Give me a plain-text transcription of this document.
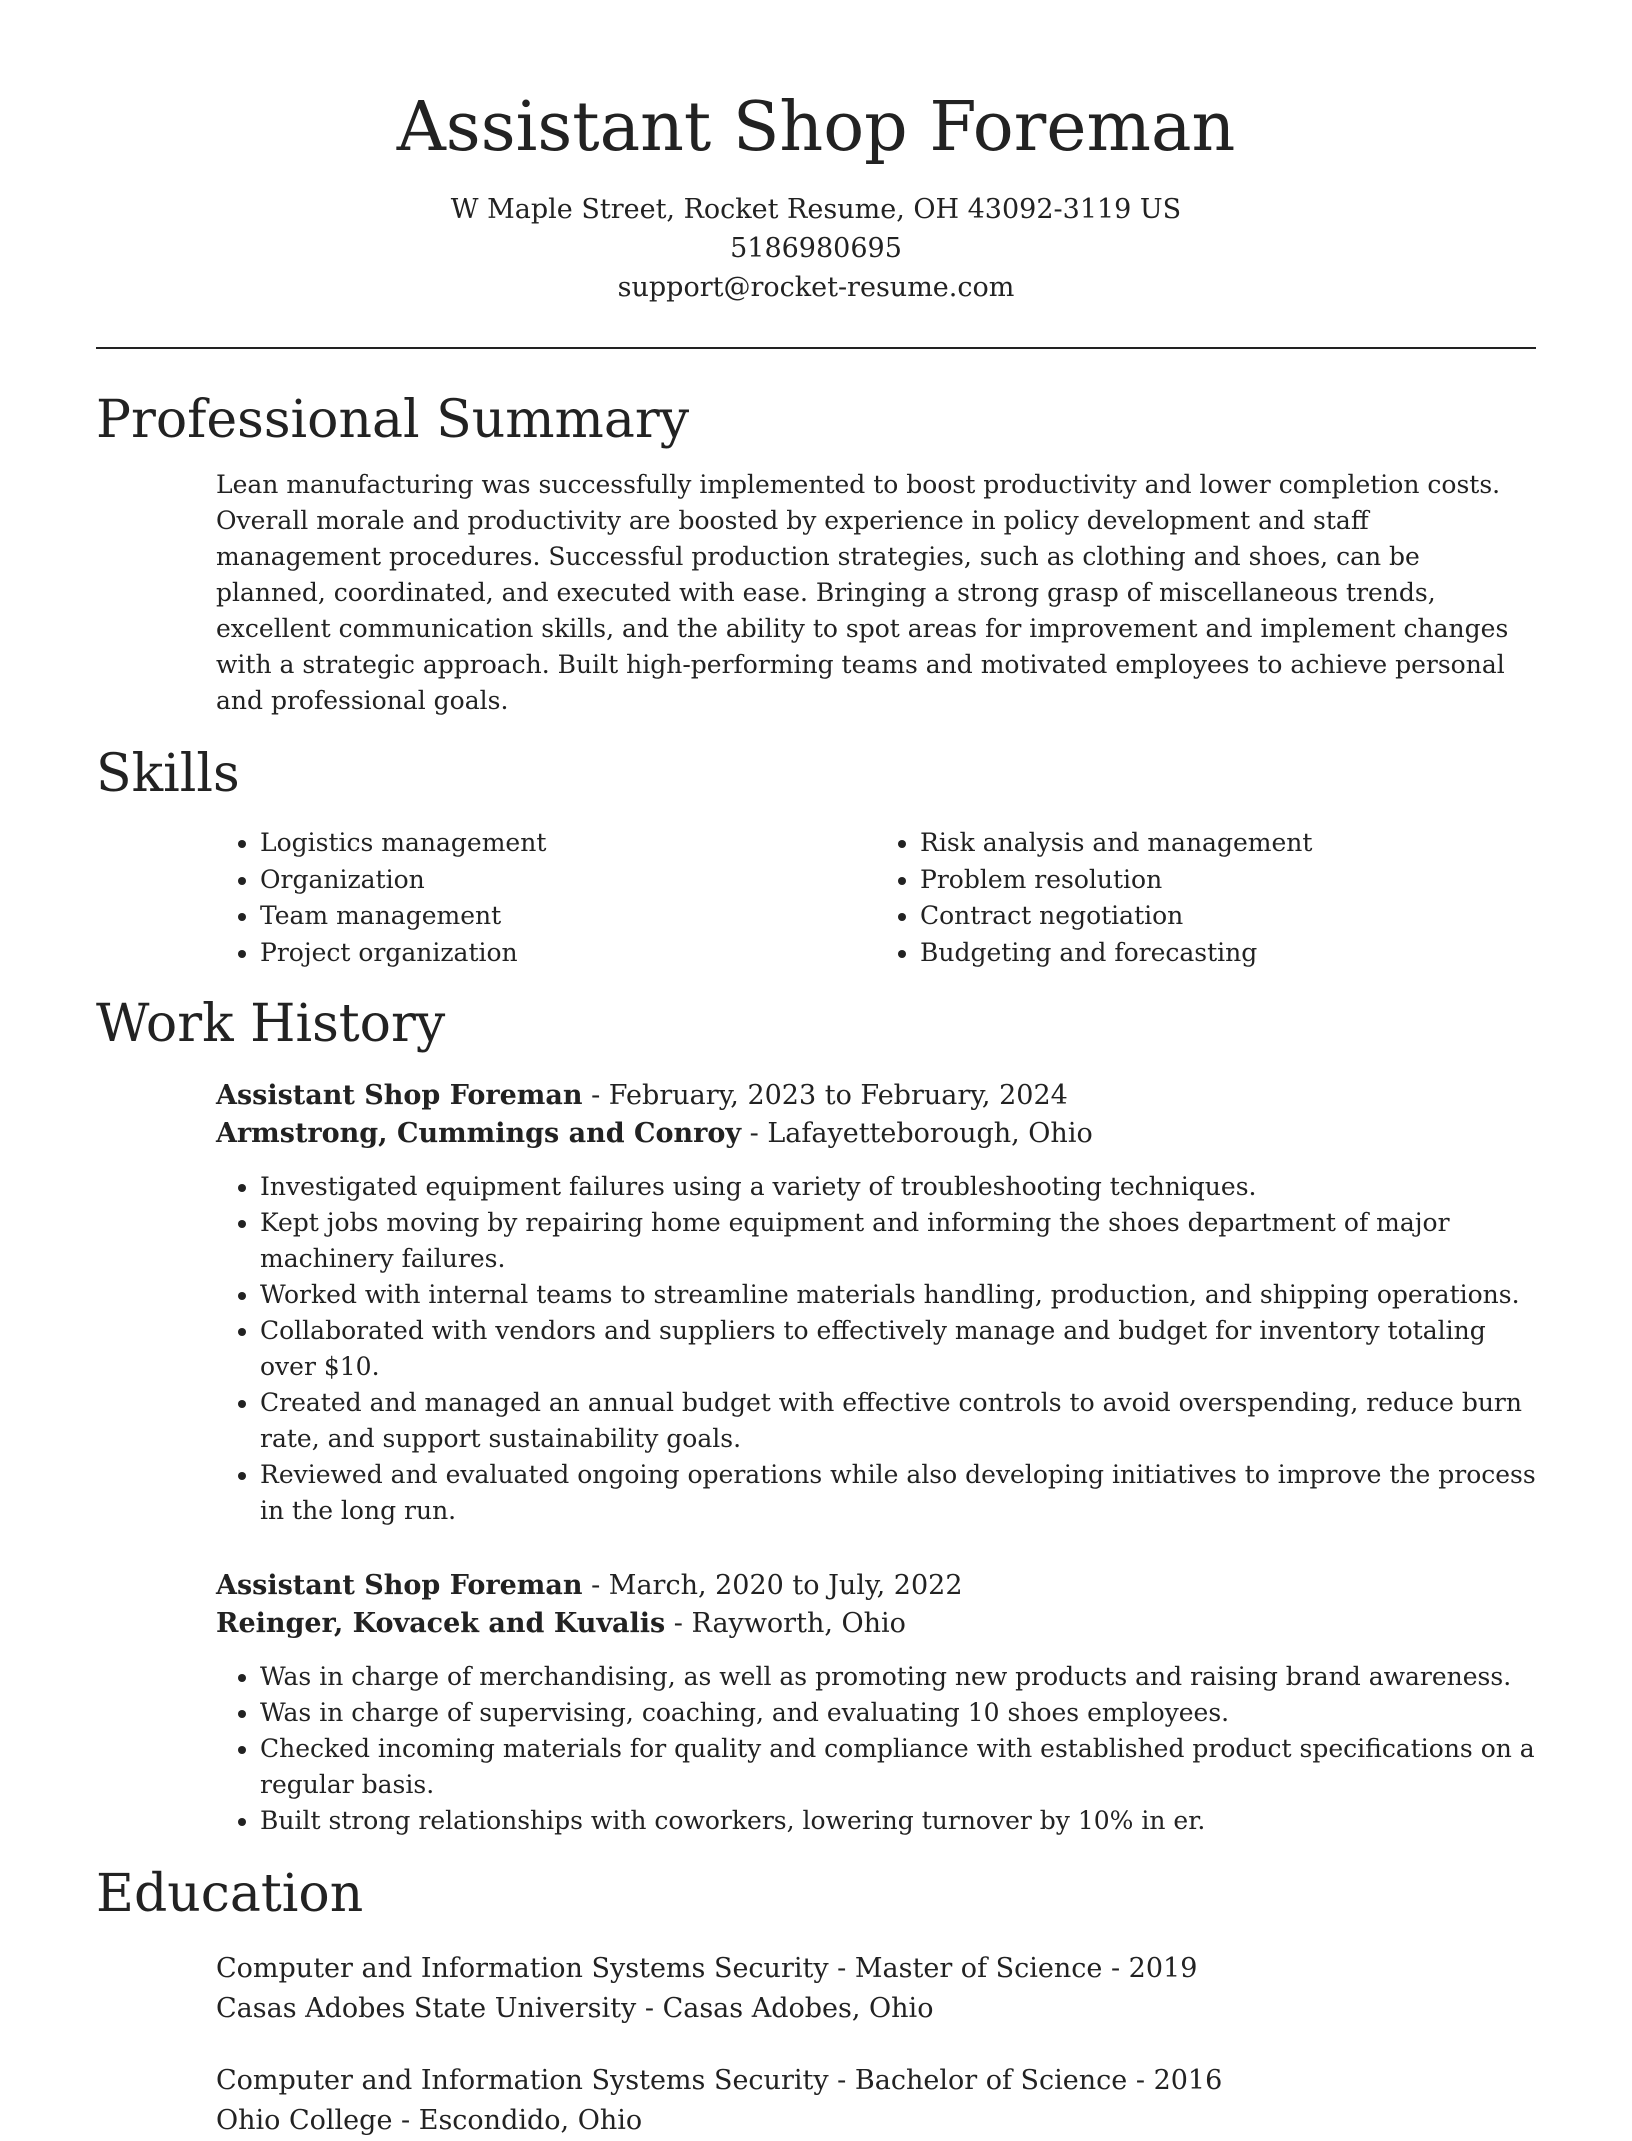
Assistant Shop Foreman
W Maple Street, Rocket Resume, OH 43092-3119 US
5186980695
support@rocket-resume.com
Professional Summary

Lean manufacturing was successfully implemented to boost productivity and lower completion costs. Overall morale and productivity are boosted by experience in policy development and staff management procedures. Successful production strategies, such as clothing and shoes, can be planned, coordinated, and executed with ease. Bringing a strong grasp of miscellaneous trends, excellent communication skills, and the ability to spot areas for improvement and implement changes with a strategic approach. Built high-performing teams and motivated employees to achieve personal and professional goals.

Skills
• Logistics management
• Organization
• Team management
• Project organization
• Risk analysis and management
• Problem resolution
• Contract negotiation
• Budgeting and forecasting
Work History
Assistant Shop Foreman - February, 2023 to February, 2024
Armstrong, Cummings and Conroy - Lafayetteborough, Ohio
• Investigated equipment failures using a variety of troubleshooting techniques.
• Kept jobs moving by repairing home equipment and informing the shoes department of major machinery failures.
• Worked with internal teams to streamline materials handling, production, and shipping operations.
• Collaborated with vendors and suppliers to effectively manage and budget for inventory totaling over $10.
• Created and managed an annual budget with effective controls to avoid overspending, reduce burn rate, and support sustainability goals.
• Reviewed and evaluated ongoing operations while also developing initiatives to improve the process in the long run.
Assistant Shop Foreman - March, 2020 to July, 2022
Reinger, Kovacek and Kuvalis - Rayworth, Ohio
• Was in charge of merchandising, as well as promoting new products and raising brand awareness.
• Was in charge of supervising, coaching, and evaluating 10 shoes employees.
• Checked incoming materials for quality and compliance with established product specifications on a regular basis.
• Built strong relationships with coworkers, lowering turnover by 10% in er.
Education
Computer and Information Systems Security - Master of Science - 2019
Casas Adobes State University - Casas Adobes, Ohio
Computer and Information Systems Security - Bachelor of Science - 2016
Ohio College - Escondido, Ohio
